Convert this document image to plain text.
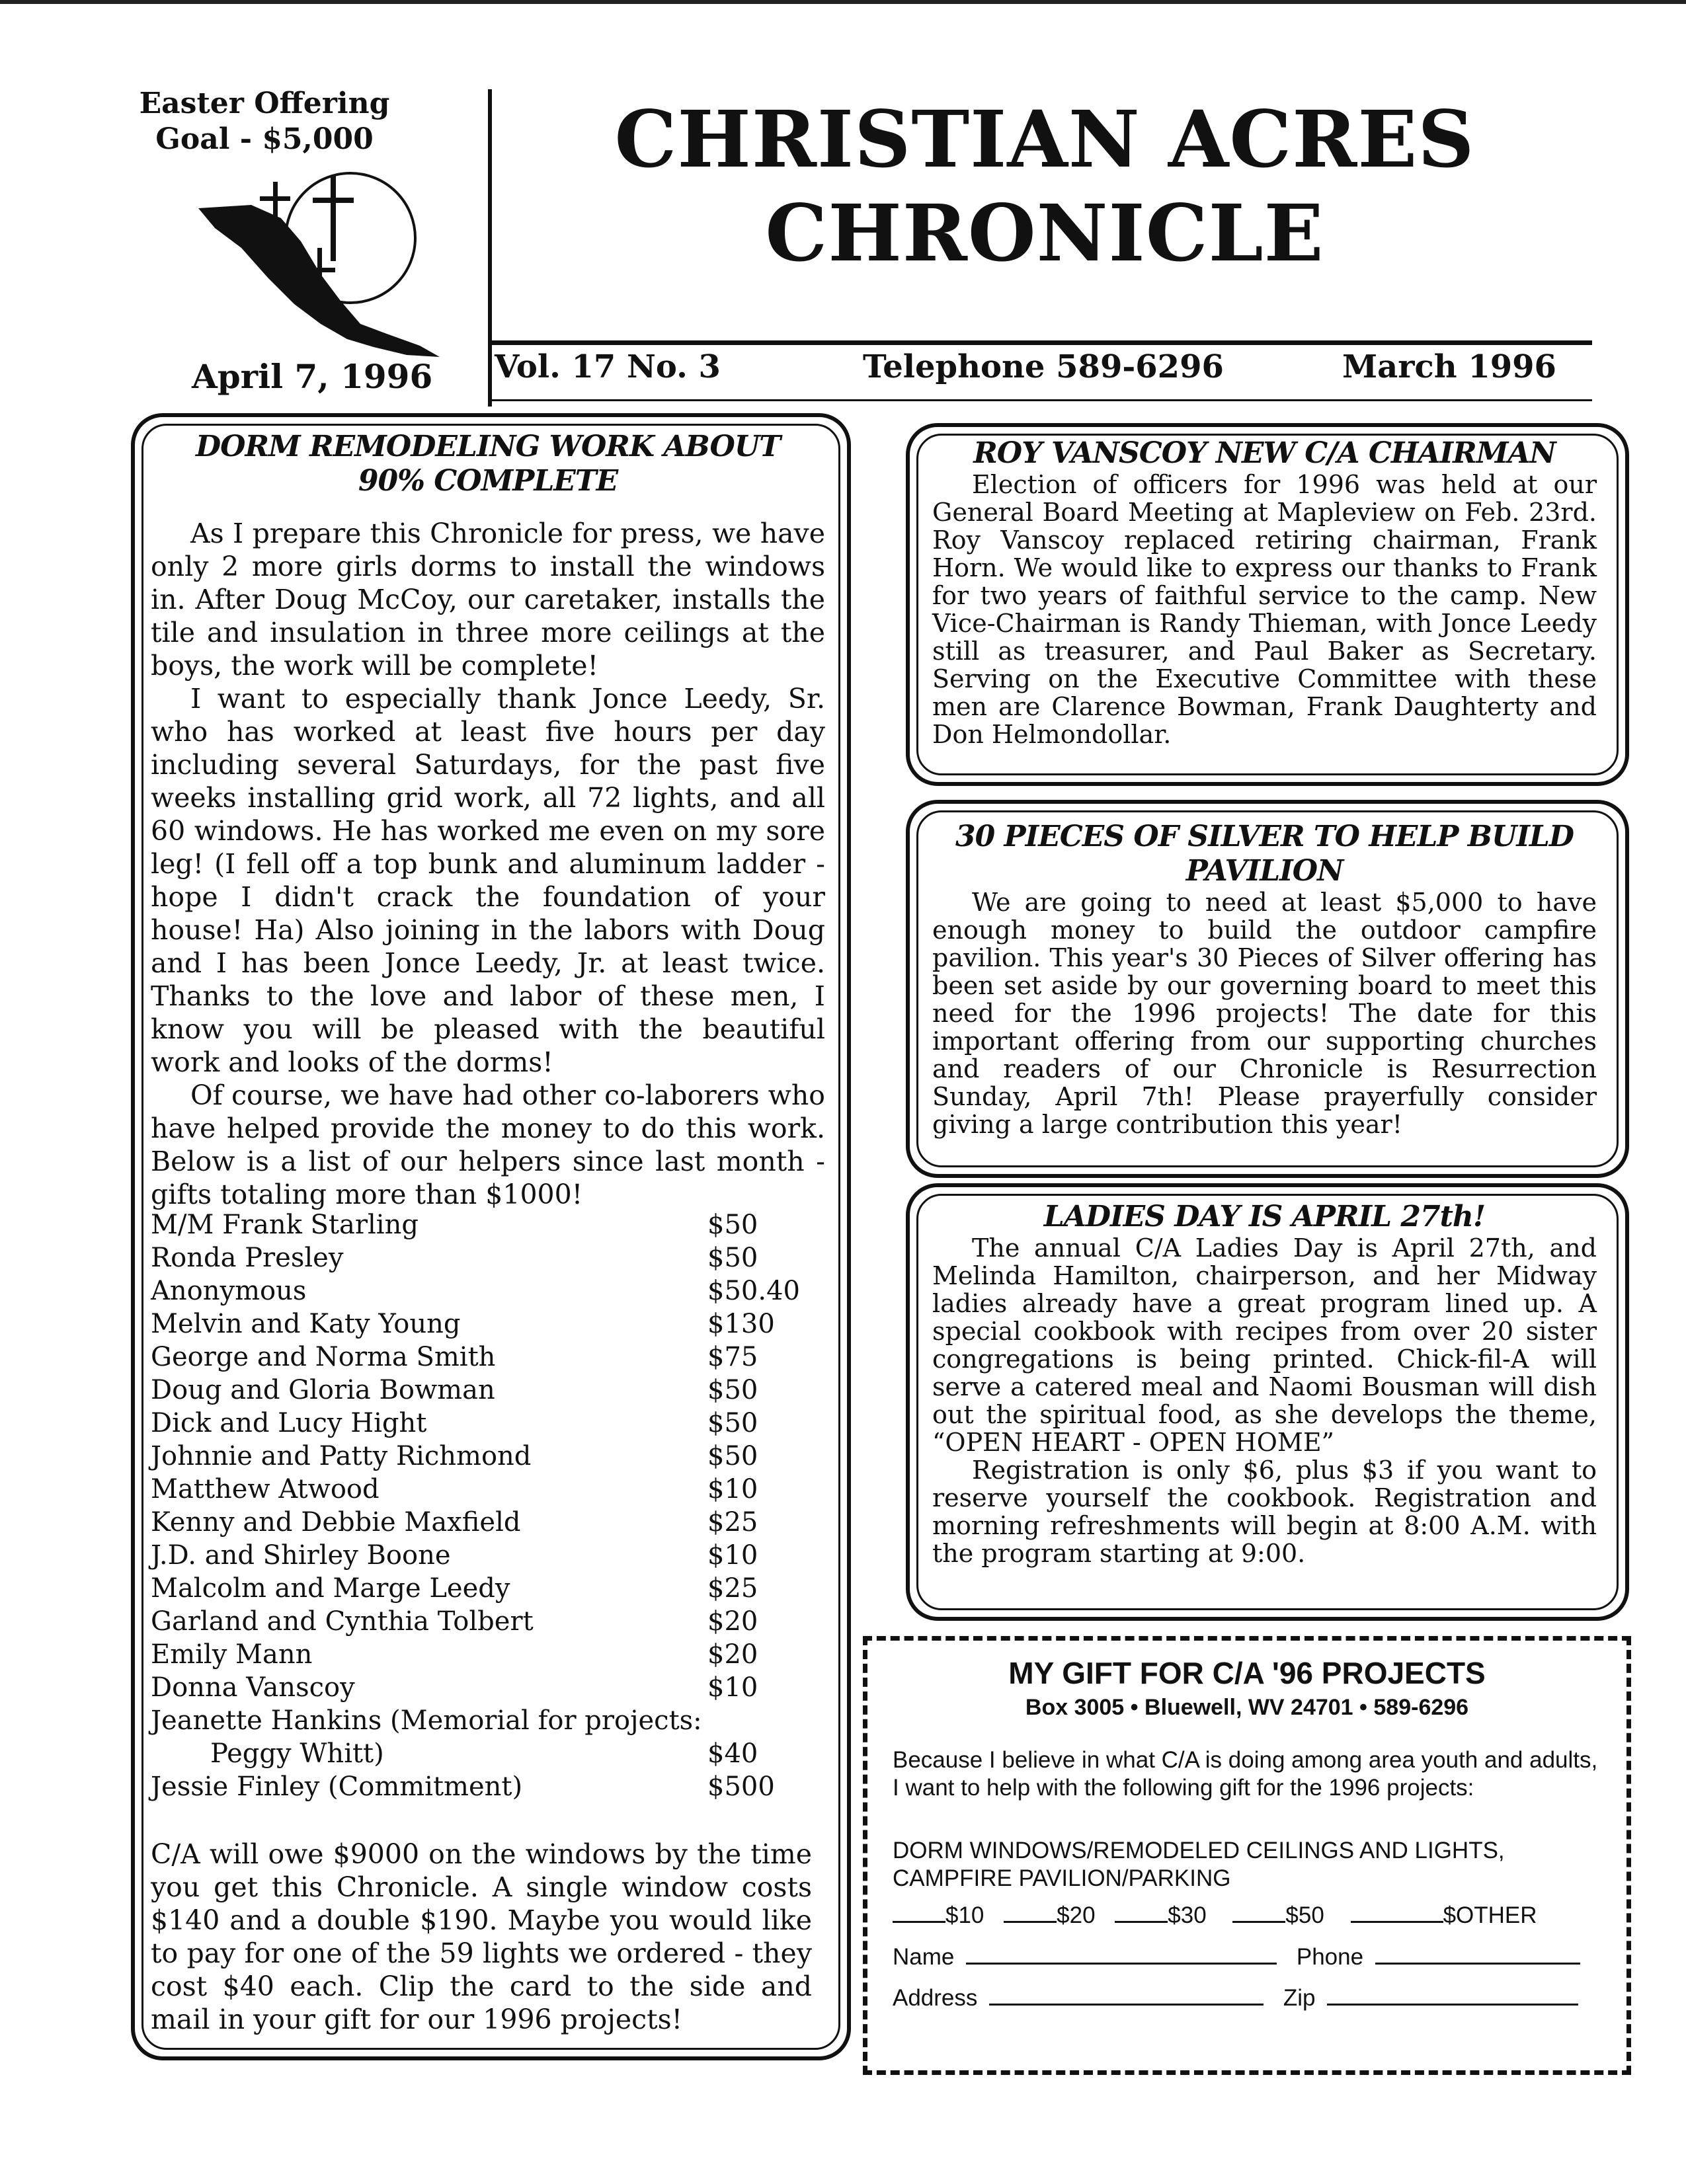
Easter Offering
Goal - $5,000
April 7, 1996
CHRISTIAN ACRES
CHRONICLE
Vol. 17 No. 3	Telephone 589-6296	March 1996
DORM REMODELING WORK ABOUT
90% COMPLETE

As I prepare this Chronicle for press, we have only 2 more girls dorms to install the windows in. After Doug McCoy, our caretaker, installs the tile and insulation in three more ceilings at the boys, the work will be complete!

I want to especially thank Jonce Leedy, Sr. who has worked at least five hours per day including several Saturdays, for the past five weeks installing grid work, all 72 lights, and all 60 windows. He has worked me even on my sore leg! (I fell off a top bunk and aluminum ladder - hope I didn't crack the foundation of your house! Ha) Also joining in the labors with Doug and I has been Jonce Leedy, Jr. at least twice. Thanks to the love and labor of these men, I know you will be pleased with the beautiful work and looks of the dorms!

Of course, we have had other co-laborers who have helped provide the money to do this work. Below is a list of our helpers since last month - gifts totaling more than $1000!

M/M Frank Starling	$50
Ronda Presley	$50
Anonymous	$50.40
Melvin and Katy Young	$130
George and Norma Smith	$75
Doug and Gloria Bowman	$50
Dick and Lucy Hight	$50
Johnnie and Patty Richmond	$50
Matthew Atwood	$10
Kenny and Debbie Maxfield	$25
J.D. and Shirley Boone	$10
Malcolm and Marge Leedy	$25
Garland and Cynthia Tolbert	$20
Emily Mann	$20
Donna Vanscoy	$10
Jeanette Hankins (Memorial for projects:
Peggy Whitt)	$40
Jessie Finley (Commitment)	$500
C/A will owe $9000 on the windows by the time you get this Chronicle. A single window costs $140 and a double $190. Maybe you would like to pay for one of the 59 lights we ordered - they cost $40 each. Clip the card to the side and mail in your gift for our 1996 projects!
ROY VANSCOY NEW C/A CHAIRMAN

Election of officers for 1996 was held at our General Board Meeting at Mapleview on Feb. 23rd. Roy Vanscoy replaced retiring chairman, Frank Horn. We would like to express our thanks to Frank for two years of faithful service to the camp. New Vice-Chairman is Randy Thieman, with Jonce Leedy still as treasurer, and Paul Baker as Secretary. Serving on the Executive Committee with these men are Clarence Bowman, Frank Daughterty and Don Helmondollar.

30 PIECES OF SILVER TO HELP BUILD
PAVILION

We are going to need at least $5,000 to have enough money to build the outdoor campfire pavilion. This year's 30 Pieces of Silver offering has been set aside by our governing board to meet this need for the 1996 projects! The date for this important offering from our supporting churches and readers of our Chronicle is Resurrection Sunday, April 7th! Please prayerfully consider giving a large contribution this year!

LADIES DAY IS APRIL 27th!

The annual C/A Ladies Day is April 27th, and Melinda Hamilton, chairperson, and her Midway ladies already have a great program lined up. A special cookbook with recipes from over 20 sister congregations is being printed. Chick-fil-A will serve a catered meal and Naomi Bousman will dish out the spiritual food, as she develops the theme, “OPEN HEART - OPEN HOME”

Registration is only $6, plus $3 if you want to reserve yourself the cookbook. Registration and morning refreshments will begin at 8:00 A.M. with the program starting at 9:00.

MY GIFT FOR C/A '96 PROJECTS
Box 3005 • Bluewell, WV 24701 • 589-6296
Because I believe in what C/A is doing among area youth and adults,
I want to help with the following gift for the 1996 projects:
DORM WINDOWS/REMODELED CEILINGS AND LIGHTS,
CAMPFIRE PAVILION/PARKING
$10	$20	$30	$50	$OTHER
Name	Phone
Address	Zip
